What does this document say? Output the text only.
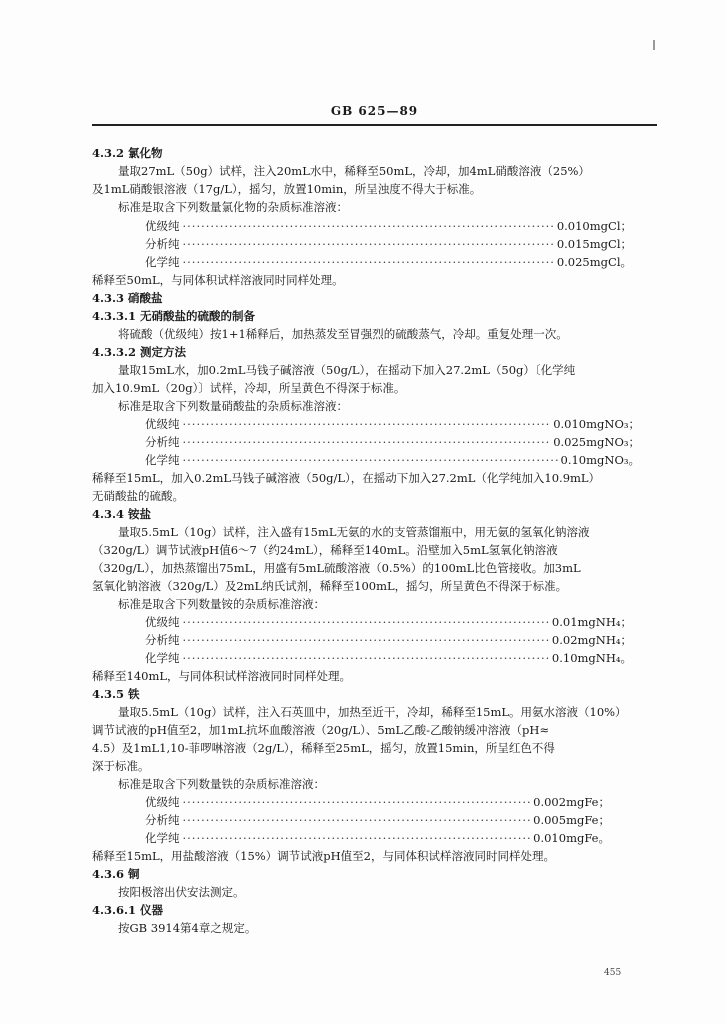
GB 625—89
4.3.2 氯化物
量取27mL（50g）试样，注入20mL水中，稀释至50mL，冷却，加4mL硝酸溶液（25%）
及1mL硝酸银溶液（17g/L），摇匀，放置10min，所呈浊度不得大于标准。
标准是取含下列数量氯化物的杂质标准溶液：
优级纯 ·····	0.010mgCl；
分析纯 ·····	0.015mgCl；
化学纯 ·····	0.025mgCl。
稀释至50mL，与同体积试样溶液同时同样处理。
4.3.3 硝酸盐
4.3.3.1 无硝酸盐的硫酸的制备
将硫酸（优级纯）按1+1稀释后，加热蒸发至冒强烈的硫酸蒸气，冷却。重复处理一次。
4.3.3.2 测定方法
量取15mL水，加0.2mL马钱子碱溶液（50g/L），在摇动下加入27.2mL（50g）〔化学纯
加入10.9mL（20g）〕试样，冷却，所呈黄色不得深于标准。
标准是取含下列数量硝酸盐的杂质标准溶液：
优级纯 ·····	0.010mgNO₃；
分析纯 ·····	0.025mgNO₃；
化学纯 ·····	0.10mgNO₃。
稀释至15mL，加入0.2mL马钱子碱溶液（50g/L），在摇动下加入27.2mL（化学纯加入10.9mL）
无硝酸盐的硫酸。
4.3.4 铵盐
量取5.5mL（10g）试样，注入盛有15mL无氨的水的支管蒸馏瓶中，用无氨的氢氧化钠溶液
（320g/L）调节试液pH值6～7（约24mL），稀释至140mL。沿壁加入5mL氢氧化钠溶液
（320g/L），加热蒸馏出75mL，用盛有5mL硫酸溶液（0.5%）的100mL比色管接收。加3mL
氢氧化钠溶液（320g/L）及2mL纳氏试剂，稀释至100mL，摇匀，所呈黄色不得深于标准。
标准是取含下列数量铵的杂质标准溶液：
优级纯 ·····	0.01mgNH₄；
分析纯 ·····	0.02mgNH₄；
化学纯 ·····	0.10mgNH₄。
稀释至140mL，与同体积试样溶液同时同样处理。
4.3.5 铁
量取5.5mL（10g）试样，注入石英皿中，加热至近干，冷却，稀释至15mL。用氨水溶液（10%）
调节试液的pH值至2，加1mL抗坏血酸溶液（20g/L）、5mL乙酸-乙酸钠缓冲溶液（pH≈
4.5）及1mL1,10-菲啰啉溶液（2g/L），稀释至25mL，摇匀，放置15min，所呈红色不得
深于标准。
标准是取含下列数量铁的杂质标准溶液：
优级纯 ·····	0.002mgFe；
分析纯 ·····	0.005mgFe；
化学纯 ·····	0.010mgFe。
稀释至15mL，用盐酸溶液（15%）调节试液pH值至2，与同体积试样溶液同时同样处理。
4.3.6 铜
按阳极溶出伏安法测定。
4.3.6.1 仪器
按GB 3914第4章之规定。
455
